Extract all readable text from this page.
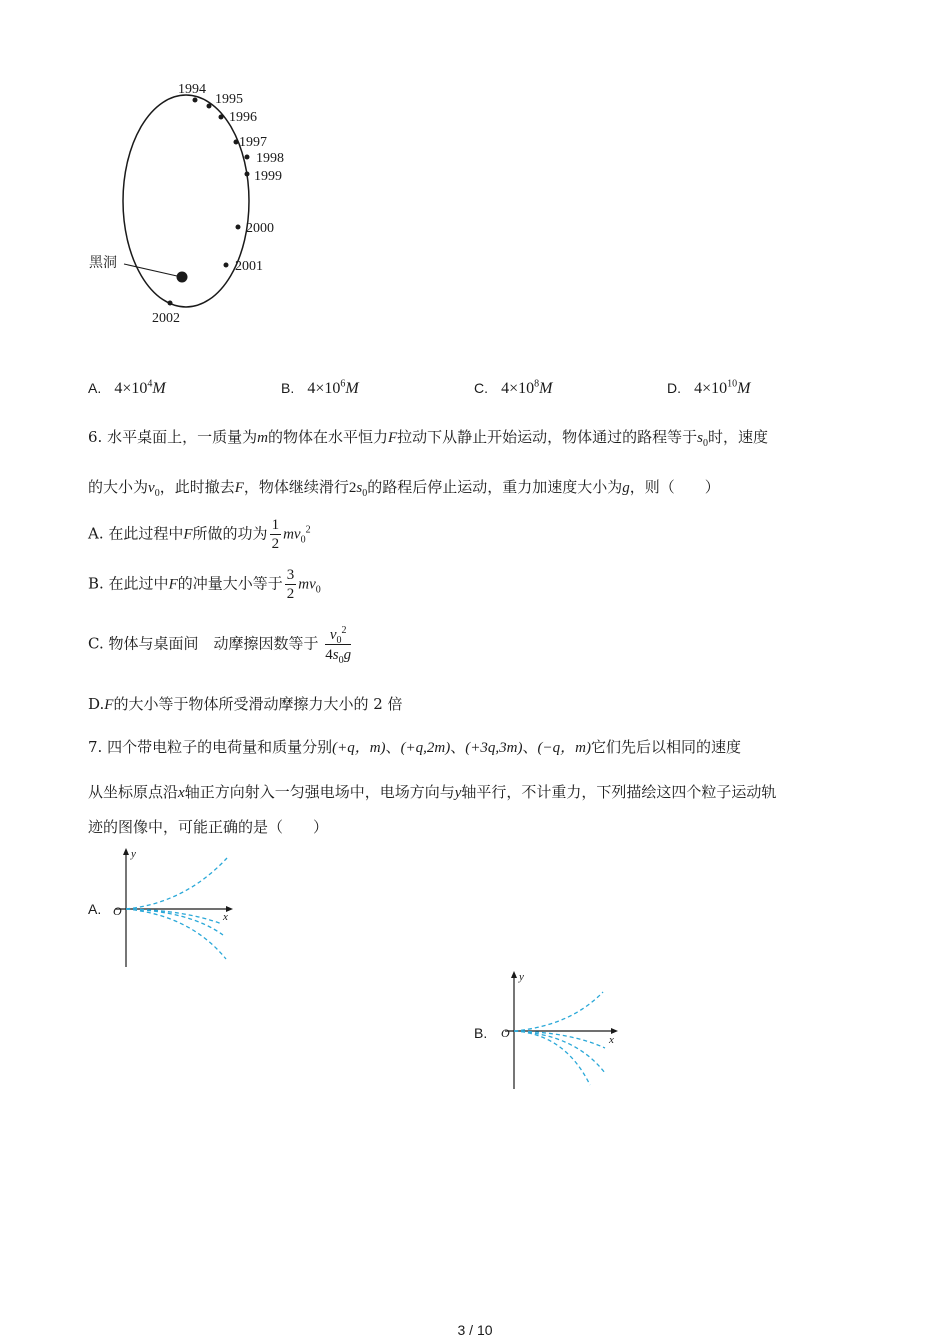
1994
1995
1996
1997
1998
1999
2000
2001
2002
黑洞
A. $4\times 10^4M$	B. $4\times 10^6M$	C. $4\times 10^8M$	D. $4\times 10^{10}M$
6. 水平桌面上，一质量为m的物体在水平恒力F拉动下从静止开始运动，物体通过的路程等于$s_0$时，速度
的大小为$v_0$，此时撤去F，物体继续滑行$2s_0$的路程后停止运动，重力加速度大小为g，则（　　）
A. 在此过程中F所做的功为 $\frac{1}{2} mv_0^2$
B. 在此过中F的冲量大小等于 $\frac{3}{2} mv_0$
C. 物体与桌面间　动摩擦因数等于 $\frac{v_0^2}{4s_0g}$
D.F的大小等于物体所受滑动摩擦力大小的 2 倍
7. 四个带电粒子的电荷量和质量分别(+q，m)、(+q,2m)、(+3q,3m)、(−q，m)它们先后以相同的速度
从坐标原点沿x轴正方向射入一匀强电场中，电场方向与y轴平行，不计重力，下列描绘这四个粒子运动轨
迹的图像中，可能正确的是（　　）
A.
y
x
O
B.
y
x
O
3 / 10
